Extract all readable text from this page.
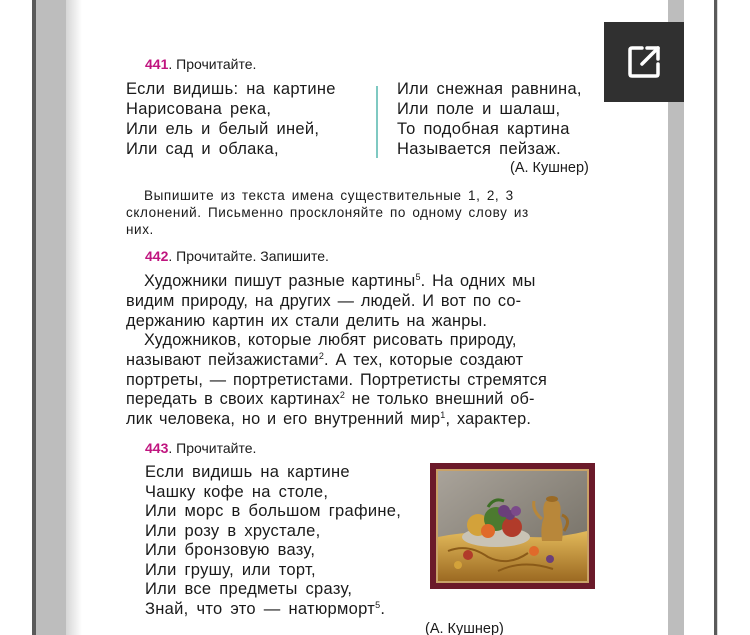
441. Прочитайте.
Если видишь: на картине
Нарисована река,
Или ель и белый иней,
Или сад и облака,
Или снежная равнина,
Или поле и шалаш,
То подобная картина
Называется пейзаж.
(А. Кушнер)
Выпишите из текста имена существительные 1, 2, 3
склонений. Письменно просклоняйте по одному слову из
них.
442. Прочитайте. Запишите.
Художники пишут разные картины$^5$. На одних мы
видим природу, на других — людей. И вот по со-
держанию картин их стали делить на жанры.
Художников, которые любят рисовать природу,
называют пейзажистами$^2$. А тех, которые создают
портреты, — портретистами. Портретисты стремятся
передать в своих картинах$^2$ не только внешний об-
лик человека, но и его внутренний мир$^1$, характер.
443. Прочитайте.
Если видишь на картине
Чашку кофе на столе,
Или морс в большом графине,
Или розу в хрустале,
Или бронзовую вазу,
Или грушу, или торт,
Или все предметы сразу,
Знай, что это — натюрморт$^5$.
(А. Кушнер)
